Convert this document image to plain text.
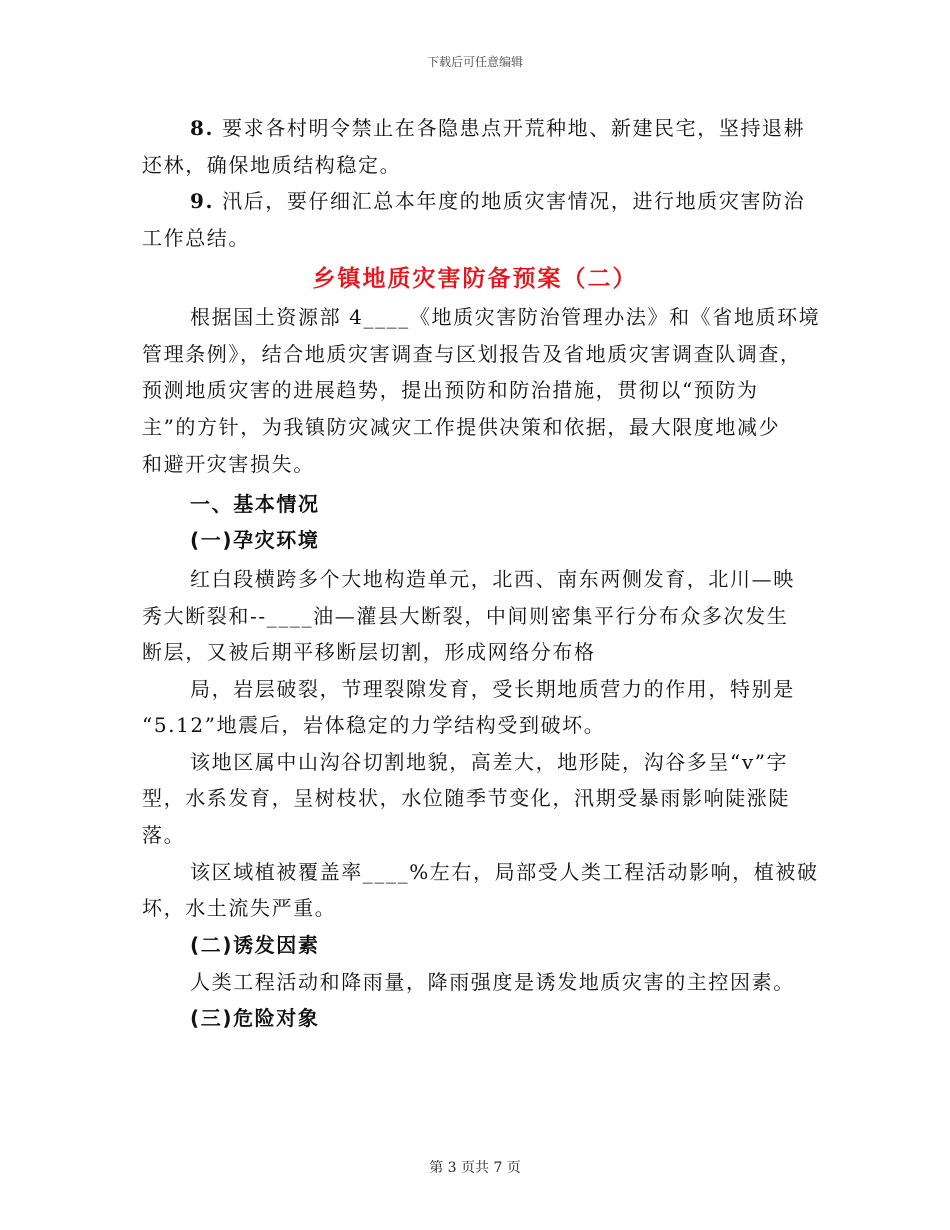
下载后可任意编辑
8. 要求各村明令禁止在各隐患点开荒种地、新建民宅，坚持退耕
还林，确保地质结构稳定。
9. 汛后，要仔细汇总本年度的地质灾害情况，进行地质灾害防治
工作总结。
乡镇地质灾害防备预案（二）
根据国土资源部 4____《地质灾害防治管理办法》和《省地质环境
管理条例》，结合地质灾害调查与区划报告及省地质灾害调查队调查，
预测地质灾害的进展趋势，提出预防和防治措施，贯彻以“预防为
主”的方针，为我镇防灾减灾工作提供决策和依据，最大限度地减少
和避开灾害损失。
一、基本情况
(一)孕灾环境
红白段横跨多个大地构造单元，北西、南东两侧发育，北川—映
秀大断裂和--____油—灌县大断裂，中间则密集平行分布众多次发生
断层，又被后期平移断层切割，形成网络分布格
局，岩层破裂，节理裂隙发育，受长期地质营力的作用，特别是
“5.12”地震后，岩体稳定的力学结构受到破坏。
该地区属中山沟谷切割地貌，高差大，地形陡，沟谷多呈“v”字
型，水系发育，呈树枝状，水位随季节变化，汛期受暴雨影响陡涨陡
落。
该区域植被覆盖率____%左右，局部受人类工程活动影响，植被破
坏，水土流失严重。
(二)诱发因素
人类工程活动和降雨量，降雨强度是诱发地质灾害的主控因素。
(三)危险对象
第 3 页共 7 页
